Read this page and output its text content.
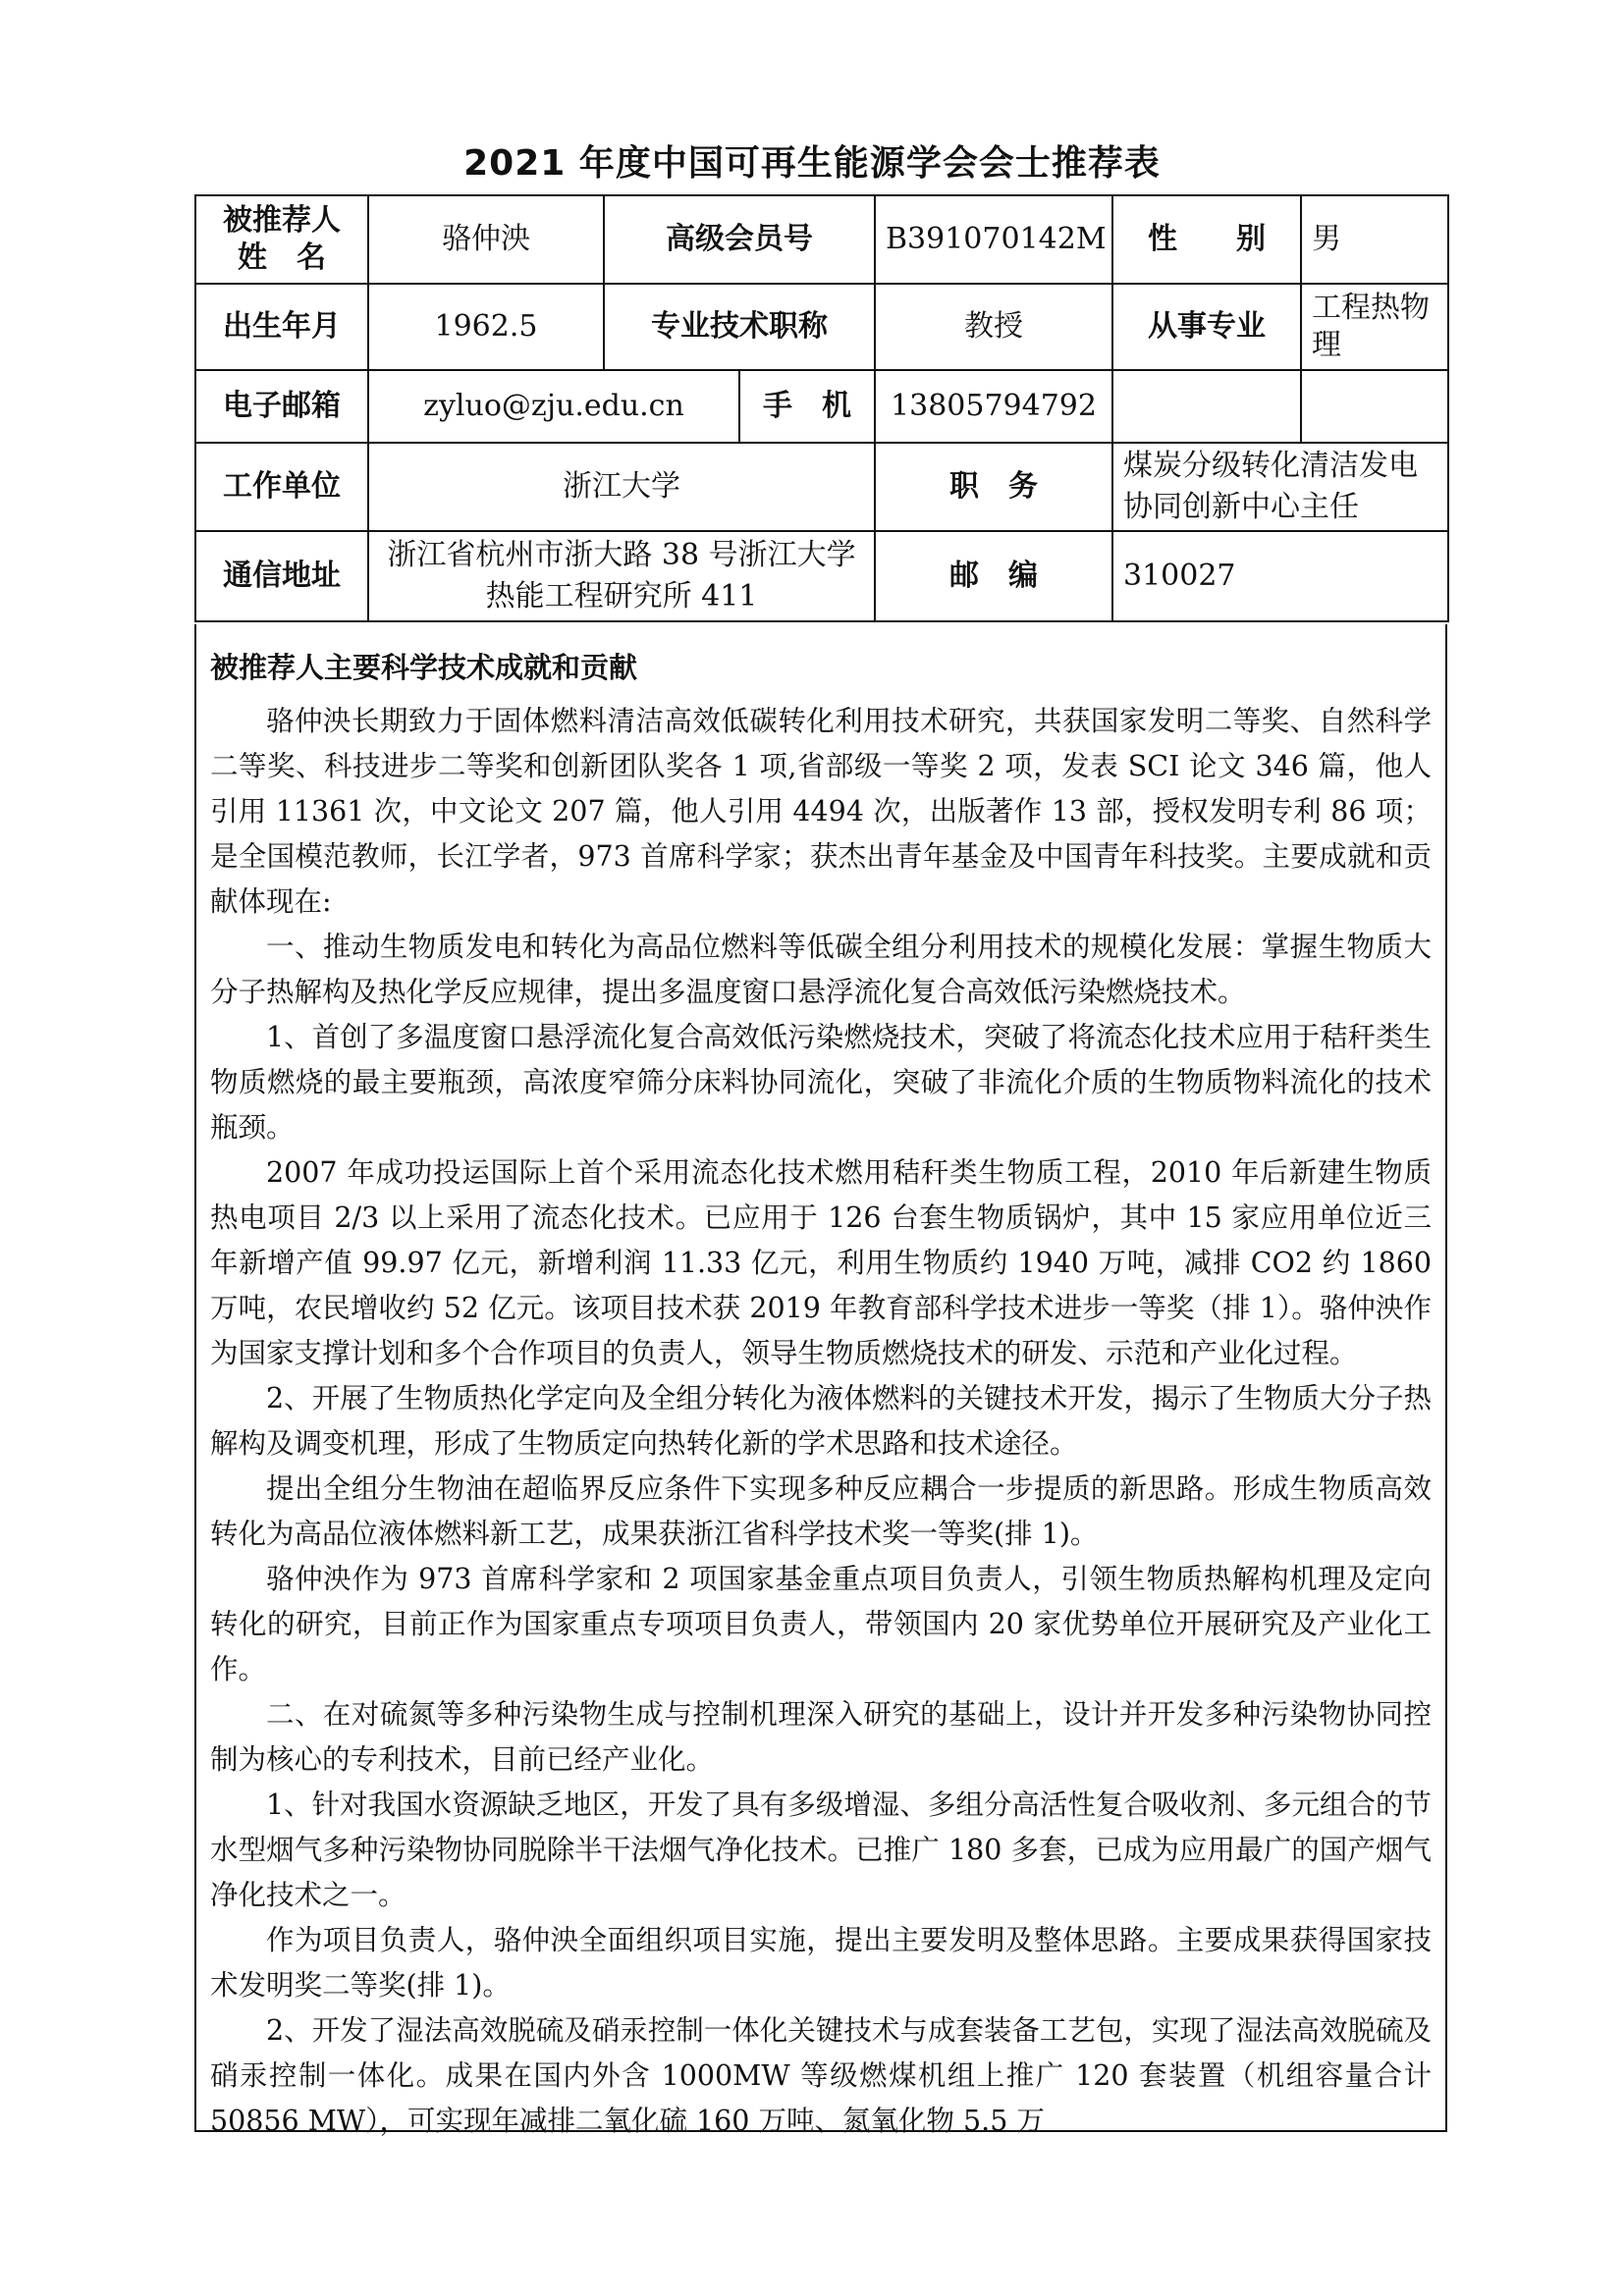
2021 年度中国可再生能源学会会士推荐表
被推荐人
姓　名	骆仲泱	高级会员号		B391070142M	性　　别	男
出生年月	1962.5	专业技术职称		教授	从事专业	工程热物理
电子邮箱	zyluo@zju.edu.cn		手　机	13805794792		
工作单位	浙江大学			职　务	煤炭分级转化清洁发电协同创新中心主任	
通信地址	浙江省杭州市浙大路 38 号浙江大学热能工程研究所 411			邮　编	310027	
被推荐人主要科学技术成就和贡献

骆仲泱长期致力于固体燃料清洁高效低碳转化利用技术研究，共获国家发明二等奖、自然科学二等奖、科技进步二等奖和创新团队奖各 1 项,省部级一等奖 2 项，发表 SCI 论文 346 篇，他人引用 11361 次，中文论文 207 篇，他人引用 4494 次，出版著作 13 部，授权发明专利 86 项；是全国模范教师，长江学者，973 首席科学家；获杰出青年基金及中国青年科技奖。主要成就和贡献体现在:

一、推动生物质发电和转化为高品位燃料等低碳全组分利用技术的规模化发展：掌握生物质大分子热解构及热化学反应规律，提出多温度窗口悬浮流化复合高效低污染燃烧技术。

1、首创了多温度窗口悬浮流化复合高效低污染燃烧技术，突破了将流态化技术应用于秸秆类生物质燃烧的最主要瓶颈，高浓度窄筛分床料协同流化，突破了非流化介质的生物质物料流化的技术瓶颈。

2007 年成功投运国际上首个采用流态化技术燃用秸秆类生物质工程，2010 年后新建生物质热电项目 2/3 以上采用了流态化技术。已应用于 126 台套生物质锅炉，其中 15 家应用单位近三年新增产值 99.97 亿元，新增利润 11.33 亿元，利用生物质约 1940 万吨，减排 CO2 约 1860 万吨，农民增收约 52 亿元。该项目技术获 2019 年教育部科学技术进步一等奖（排 1）。骆仲泱作为国家支撑计划和多个合作项目的负责人，领导生物质燃烧技术的研发、示范和产业化过程。

2、开展了生物质热化学定向及全组分转化为液体燃料的关键技术开发，揭示了生物质大分子热解构及调变机理，形成了生物质定向热转化新的学术思路和技术途径。

提出全组分生物油在超临界反应条件下实现多种反应耦合一步提质的新思路。形成生物质高效转化为高品位液体燃料新工艺，成果获浙江省科学技术奖一等奖(排 1)。

骆仲泱作为 973 首席科学家和 2 项国家基金重点项目负责人，引领生物质热解构机理及定向转化的研究，目前正作为国家重点专项项目负责人，带领国内 20 家优势单位开展研究及产业化工作。

二、在对硫氮等多种污染物生成与控制机理深入研究的基础上，设计并开发多种污染物协同控制为核心的专利技术，目前已经产业化。

1、针对我国水资源缺乏地区，开发了具有多级增湿、多组分高活性复合吸收剂、多元组合的节水型烟气多种污染物协同脱除半干法烟气净化技术。已推广 180 多套，已成为应用最广的国产烟气净化技术之一。

作为项目负责人，骆仲泱全面组织项目实施，提出主要发明及整体思路。主要成果获得国家技术发明奖二等奖(排 1)。

2、开发了湿法高效脱硫及硝汞控制一体化关键技术与成套装备工艺包，实现了湿法高效脱硫及硝汞控制一体化。成果在国内外含 1000MW 等级燃煤机组上推广 120 套装置（机组容量合计 50856 MW），可实现年减排二氧化硫 160 万吨、氮氧化物 5.5 万
